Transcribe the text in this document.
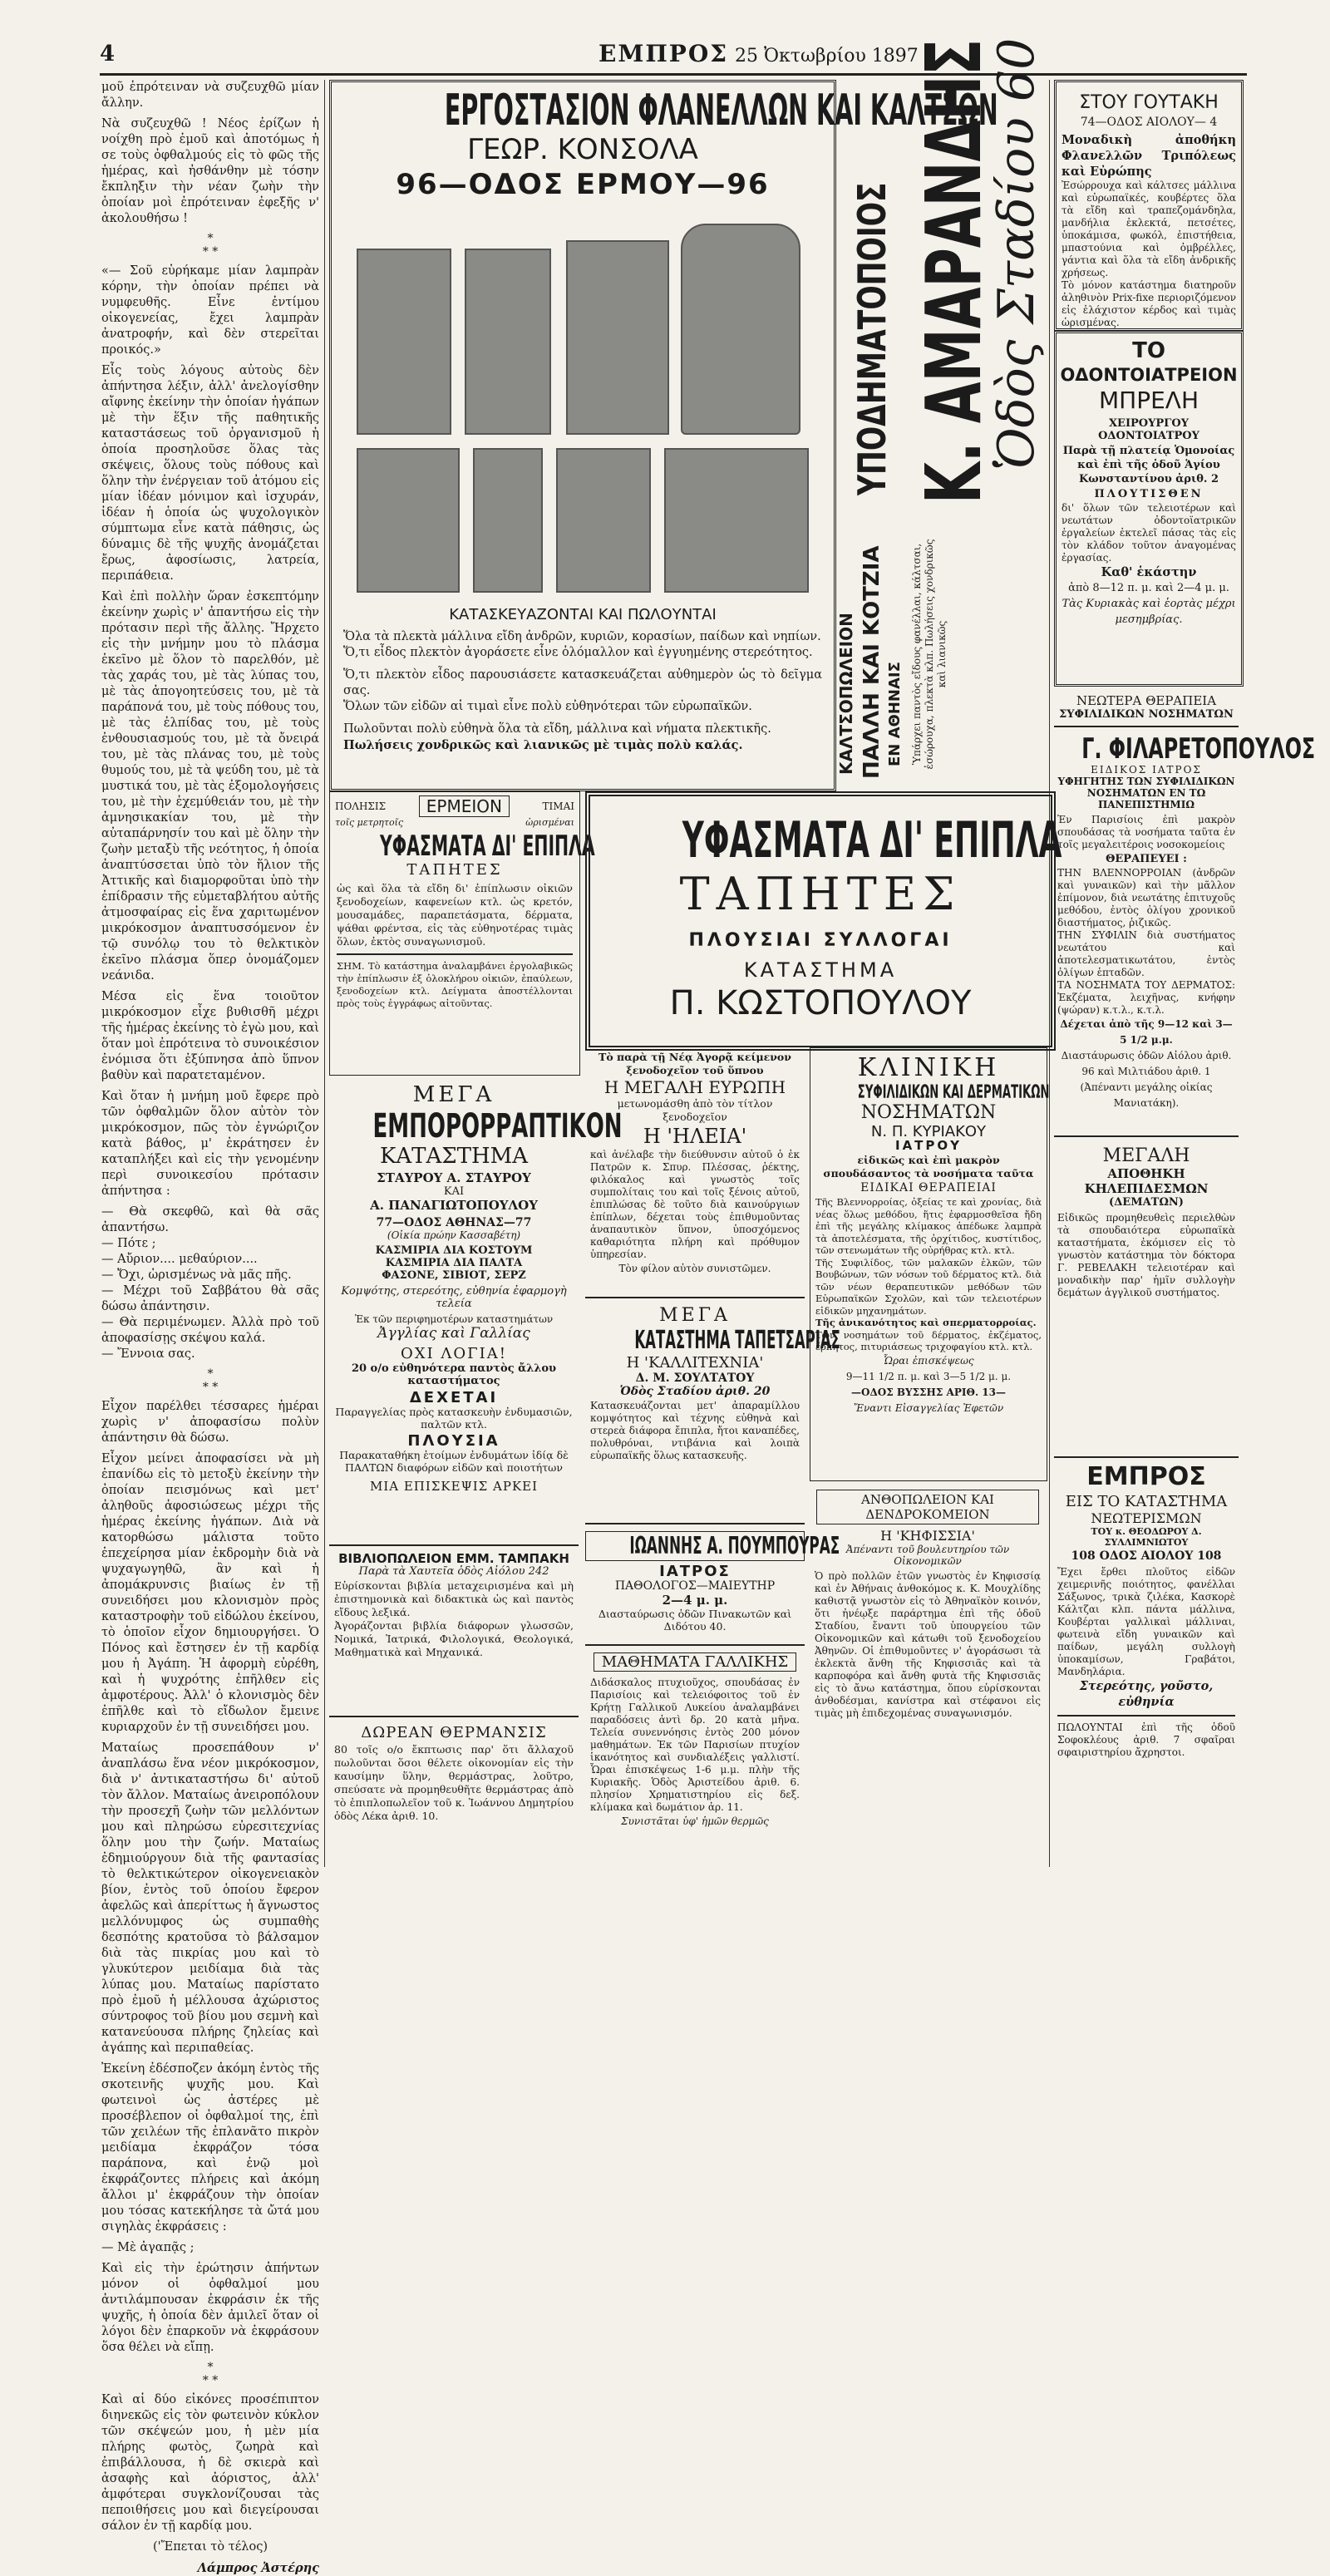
4	ΕΜΠΡΟΣ 25 Ὀκτωβρίου 1897

μοῦ ἐπρότειναν νὰ συζευχθῶ μίαν ἄλλην.

Νὰ συζευχθῶ ! Νέος ἐρίζων ἡ νοίχθη πρὸ ἐμοῦ καὶ ἀποτόμως ἡ σε τοὺς ὀφθαλμούς εἰς τὸ φῶς τῆς ἡμέρας, καὶ ἠσθάνθην μὲ τόσην ἔκπληξιν τὴν νέαν ζωὴν τὴν ὁποίαν μοὶ ἐπρότειναν ἐφεξῆς ν' ἀκολουθήσω !

*
* *

«— Σοῦ εὑρήκαμε μίαν λαμπρὰν κόρην, τὴν ὁποίαν πρέπει νὰ νυμφευθῆς. Εἶνε ἐντίμου οἰκογενείας, ἔχει λαμπρὰν ἀνατροφήν, καὶ δὲν στερεῖται προικός.»

Εἶς τοὺς λόγους αὐτοὺς δὲν ἀπήντησα λέξιν, ἀλλ' ἀνελογίσθην αἴφνης ἐκείνην τὴν ὁποίαν ἠγάπων μὲ τὴν ἕξιν τῆς παθητικῆς καταστάσεως τοῦ ὀργανισμοῦ ἡ ὁποία προσηλοῦσε ὅλας τὰς σκέψεις, ὅλους τοὺς πόθους καὶ ὅλην τὴν ἐνέργειαν τοῦ ἀτόμου εἰς μίαν ἰδέαν μόνιμον καὶ ἰσχυράν, ἰδέαν ἡ ὁποία ὡς ψυχολογικὸν σύμπτωμα εἶνε κατὰ πάθησις, ὡς δύναμις δὲ τῆς ψυχῆς ἀνομάζεται ἔρως, ἀφοσίωσις, λατρεία, περιπάθεια.

Καὶ ἐπὶ πολλὴν ὥραν ἐσκεπτόμην ἐκείνην χωρὶς ν' ἀπαντήσω εἰς τὴν πρότασιν περὶ τῆς ἄλλης. Ἤρχετο εἰς τὴν μνήμην μου τὸ πλάσμα ἐκεῖνο μὲ ὅλον τὸ παρελθόν, μὲ τὰς χαράς του, μὲ τὰς λύπας του, μὲ τὰς ἀπογοητεύσεις του, μὲ τὰ παράπονά του, μὲ τοὺς πόθους του, μὲ τὰς ἐλπίδας του, μὲ τοὺς ἐνθουσιασμούς του, μὲ τὰ ὄνειρά του, μὲ τὰς πλάνας του, μὲ τοὺς θυμούς του, μὲ τὰ ψεύδη του, μὲ τὰ μυστικά του, μὲ τὰς ἐξομολογήσεις του, μὲ τὴν ἐχεμύθειάν του, μὲ τὴν ἀμνησικακίαν του, μὲ τὴν αὐταπάρνησίν του καὶ μὲ ὅλην τὴν ζωὴν μεταξὺ τῆς νεότητος, ἡ ὁποία ἀναπτύσσεται ὑπὸ τὸν ἥλιον τῆς Ἀττικῆς καὶ διαμορφοῦται ὑπὸ τὴν ἐπίδρασιν τῆς εὐμεταβλήτου αὐτῆς ἀτμοσφαίρας εἰς ἕνα χαριτωμένον μικρόκοσμον ἀναπτυσσόμενον ἐν τῷ συνόλῳ του τὸ θελκτικὸν ἐκεῖνο πλάσμα ὅπερ ὀνομάζομεν νεάνιδα.

Μέσα εἰς ἕνα τοιοῦτον μικρόκοσμον εἶχε βυθισθῆ μέχρι τῆς ἡμέρας ἐκείνης τὸ ἐγὼ μου, καὶ ὅταν μοὶ ἐπρότεινα τὸ συνοικέσιον ἐνόμισα ὅτι ἐξύπνησα ἀπὸ ὕπνον βαθὺν καὶ παρατεταμένον.

Καὶ ὅταν ἡ μνήμη μοῦ ἔφερε πρὸ τῶν ὀφθαλμῶν ὅλον αὐτὸν τὸν μικρόκοσμον, πῶς τὸν ἐγνώριζον κατὰ βάθος, μ' ἐκράτησεν ἐν καταπλήξει καὶ εἰς τὴν γενομένην περὶ συνοικεσίου πρότασιν ἀπήντησα :

— Θὰ σκεφθῶ, καὶ θὰ σᾶς ἀπαντήσω.

— Πότε ;

— Αὔριον.... μεθαύριον....

— Ὄχι, ὡρισμένως νὰ μᾶς πῆς.

— Μέχρι τοῦ Σαββάτου θὰ σᾶς δώσω ἀπάντησιν.

— Θὰ περιμένωμεν. Ἀλλὰ πρὸ τοῦ ἀποφασίσῃς σκέψου καλά.

— Ἔννοια σας.

*
* *

Εἶχον παρέλθει τέσσαρες ἡμέραι χωρὶς ν' ἀποφασίσω πολὺν ἀπάντησιν θὰ δώσω.

Εἶχον μείνει ἀποφασίσει νὰ μὴ ἐπανίδω εἰς τὸ μετοξὺ ἐκείνην τὴν ὁποίαν πεισμόνως καὶ μετ' ἀληθοῦς ἀφοσιώσεως μέχρι τῆς ἡμέρας ἐκείνης ἠγάπων. Διὰ νὰ κατορθώσω μάλιστα τοῦτο ἐπεχείρησα μίαν ἐκδρομὴν διὰ νὰ ψυχαγωγηθῶ, ἂν καὶ ἡ ἀπομάκρυνσις βιαίως ἐν τῇ συνειδήσει μου κλονισμὸν πρὸς καταστροφὴν τοῦ εἰδώλου ἐκείνου, τὸ ὁποῖον εἶχον δημιουργήσει. Ὁ Πόνος καὶ ἔστησεν ἐν τῇ καρδίᾳ μου ἡ Ἀγάπη. Ἡ ἀφορμὴ εὑρέθη, καὶ ἡ ψυχρότης ἐπῆλθεν εἰς ἀμφοτέρους. Ἀλλ' ὁ κλονισμὸς δὲν ἐπῆλθε καὶ τὸ εἴδωλον ἔμεινε κυριαρχοῦν ἐν τῇ συνειδήσει μου.

Ματαίως προσεπάθουν ν' ἀναπλάσω ἕνα νέον μικρόκοσμον, διὰ ν' ἀντικαταστήσω δι' αὐτοῦ τὸν ἄλλον. Ματαίως ἀνειροπόλουν τὴν προσεχῆ ζωὴν τῶν μελλόντων μου καὶ πληρώσω εὐρεσιτεχνίας ὅλην μου τὴν ζωήν. Ματαίως ἐδημιούργουν διὰ τῆς φαντασίας τὸ θελκτικώτερον οἰκογενειακὸν βίον, ἐντὸς τοῦ ὁποίου ἔφερον ἀφελῶς καὶ ἀπερίττως ἡ ἄγνωστος μελλόνυμφος ὡς συμπαθὴς δεσπότης κρατοῦσα τὸ βάλσαμον διὰ τὰς πικρίας μου καὶ τὸ γλυκύτερον μειδίαμα διὰ τὰς λύπας μου. Ματαίως παρίστατο πρὸ ἐμοῦ ἡ μέλλουσα ἀχώριστος σύντροφος τοῦ βίου μου σεμνὴ καὶ κατανεύουσα πλήρης ζηλείας καὶ ἀγάπης καὶ περιπαθείας.

Ἐκείνη ἐδέσποζεν ἀκόμη ἐντὸς τῆς σκοτεινῆς ψυχῆς μου. Καὶ φωτεινοὶ ὡς ἀστέρες μὲ προσέβλεπον οἱ ὀφθαλμοί της, ἐπὶ τῶν χειλέων τῆς ἐπλανᾶτο πικρὸν μειδίαμα ἐκφράζον τόσα παράπονα, καὶ ἐνῷ μοὶ ἐκφράζοντες πλήρεις καὶ ἀκόμη ἄλλοι μ' ἐκφράζουν τὴν ὁποίαν μου τόσας κατεκήλησε τὰ ὤτά μου σιγηλὰς ἐκφράσεις :

— Μὲ ἀγαπᾷς ;

Καὶ εἰς τὴν ἐρώτησιν ἀπήντων μόνον οἱ ὀφθαλμοί μου ἀντιλάμπουσαν ἐκφράσιν ἐκ τῆς ψυχῆς, ἡ ὁποία δὲν ἀμιλεῖ ὅταν οἱ λόγοι δὲν ἐπαρκοῦν νὰ ἐκφράσουν ὅσα θέλει νὰ εἴπῃ.

*
* *

Καὶ αἱ δύο εἰκόνες προσέπιπτον διηνεκῶς εἰς τὸν φωτεινὸν κύκλον τῶν σκέψεών μου, ἡ μὲν μία πλήρης φωτὸς, ζωηρὰ καὶ ἐπιβάλλουσα, ἡ δὲ σκιερὰ καὶ ἀσαφὴς καὶ ἀόριστος, ἀλλ' ἀμφότεραι συγκλονίζουσαι τὰς πεποιθήσεις μου καὶ διεγείρουσαι σάλον ἐν τῇ καρδίᾳ μου.

('Ἔπεται τὸ τέλος)

Λάμπρος Ἀστέρης

ΕΡΓΟΣΤΑΣΙΟΝ ΦΛΑΝΕΛΛΩΝ ΚΑΙ ΚΑΛΤΣΩΝ
ΓΕΩΡ. ΚΟΝΣΟΛΑ
96—ΟΔΟΣ ΕΡΜΟΥ—96
ΚΑΤΑΣΚΕΥΑΖΟΝΤΑΙ ΚΑΙ ΠΩΛΟΥΝΤΑΙ

Ὅλα τὰ πλεκτὰ μάλλινα εἴδη ἀνδρῶν, κυριῶν, κορασίων, παίδων καὶ νηπίων.

Ὅ,τι εἶδος πλεκτὸν ἀγοράσετε εἶνε ὁλόμαλλον καὶ ἐγγυημένης στερεότητος.

Ὅ,τι πλεκτὸν εἶδος παρουσιάσετε κατασκευάζεται αὐθημερὸν ὡς τὸ δεῖγμα σας.

Ὅλων τῶν εἰδῶν αἱ τιμαὶ εἶνε πολὺ εὐθηνότεραι τῶν εὐρωπαϊκῶν.

Πωλοῦνται πολὺ εὐθηνὰ ὅλα τὰ εἴδη, μάλλινα καὶ νήματα πλεκτικῆς.

Πωλήσεις χονδρικῶς καὶ λιανικῶς μὲ τιμὰς πολὺ καλάς.

ΥΠΟΔΗΜΑΤΟΠΟΙΟΣ Κ. ΑΜΑΡΑΝΔΗΣ
Ὁδὸς Σταδίου 60
ΚΑΛΤΣΟΠΩΛΕΙΟΝ ΠΑΛΛΗ ΚΑΙ ΚΟΤΖΙΑ ΕΝ ΑΘΗΝΑΙΣ Ὑπάρχει παντὸς εἴδους φανέλλαι, κάλτσαι, ἐσώρουχα, πλεκτὰ κλπ. Πωλήσεις χονδρικῶς καὶ λιανικῶς
ΣΤΟΥ ΓΟΥΤΑΚΗ
74—ΟΔΟΣ ΑΙΟΛΟΥ— 4

Μοναδικὴ ἀποθήκη Φλανελλῶν Τριπόλεως καὶ Εὐρώπης

Ἐσώρρουχα καὶ κάλτσες μάλλινα καὶ εὐρωπαϊκές, κουβέρτες ὅλα τὰ εἴδη καὶ τραπεζομάνδηλα, μανδήλια ἐκλεκτά, πετσέτες, ὑποκάμισα, φωκόλ, ἐπιστήθεια, μπαστούνια καὶ ὀμβρέλλες, γάντια καὶ ὅλα τὰ εἴδη ἀνδρικῆς χρήσεως.

Τὸ μόνον κατάστημα διατηροῦν ἀληθινὸν Prix-fixe περιοριζόμενον εἰς ἐλάχιστον κέρδος καὶ τιμὰς ὡρισμένας.

ΤΟ
ΟΔΟΝΤΟΙΑΤΡΕΙΟΝ
ΜΠΡΕΛΗ
ΧΕΙΡΟΥΡΓΟΥ ΟΔΟΝΤΟΙΑΤΡΟΥ

Παρὰ τῇ πλατείᾳ Ὁμονοίας καὶ ἐπὶ τῆς ὁδοῦ Ἁγίου Κωνσταντίνου ἀριθ. 2

ΠΛΟΥΤΙΣΘΕΝ

δι' ὅλων τῶν τελειοτέρων καὶ νεωτάτων ὀδοντοϊατρικῶν ἐργαλείων ἐκτελεῖ πάσας τὰς εἰς τὸν κλάδον τοῦτον ἀναγομένας ἐργασίας.

Καθ' ἑκάστην

ἀπὸ 8—12 π. μ. καὶ 2—4 μ. μ.

Τὰς Κυριακὰς καὶ ἑορτὰς μέχρι μεσημβρίας.

ΝΕΩΤΕΡΑ ΘΕΡΑΠΕΙΑ
ΣΥΦΙΛΙΔΙΚΩΝ ΝΟΣΗΜΑΤΩΝ
Γ. ΦΙΛΑΡΕΤΟΠΟΥΛΟΣ
ΕΙΔΙΚΟΣ ΙΑΤΡΟΣ
ΥΦΗΓΗΤΗΣ ΤΩΝ ΣΥΦΙΛΙΔΙΚΩΝ ΝΟΣΗΜΑΤΩΝ ΕΝ ΤΩ ΠΑΝΕΠΙΣΤΗΜΙΩ

Ἐν Παρισίοις ἐπὶ μακρὸν σπουδάσας τὰ νοσήματα ταῦτα ἐν τοῖς μεγαλειτέροις νοσοκομείοις

ΘΕΡΑΠΕΥΕΙ :

ΤΗΝ ΒΛΕΝΝΟΡΡΟΙΑΝ (ἀνδρῶν καὶ γυναικῶν) καὶ τὴν μᾶλλον ἐπίμονον, διὰ νεωτάτης ἐπιτυχοῦς μεθόδου, ἐντὸς ὀλίγου χρονικοῦ διαστήματος, ῥιζικῶς.

ΤΗΝ ΣΥΦΙΛΙΝ διὰ συστήματος νεωτάτου καὶ ἀποτελεσματικωτάτου, ἐντὸς ὀλίγων ἑπταδῶν.

ΤΑ ΝΟΣΗΜΑΤΑ ΤΟΥ ΔΕΡΜΑΤΟΣ: Ἐκζέματα, λειχῆνας, κνήφην (ψώραν) κ.τ.λ., κ.τ.λ.

Δέχεται ἀπὸ τῆς 9—12 καὶ 3—5 1/2 μ.μ.

Διαστάυρωσις ὁδῶν Αἰόλου ἀριθ. 96 καὶ Μιλτιάδου ἀριθ. 1

(Ἀπέναντι μεγάλης οἰκίας Μανιατάκη).

ΜΕΓΑΛΗ
ΑΠΟΘΗΚΗ ΚΗΛΕΠΙΔΕΣΜΩΝ
(ΔΕΜΑΤΩΝ)

Εἰδικῶς προμηθευθεὶς περιελθὼν τὰ σπουδαιότερα εὐρωπαϊκὰ καταστήματα, ἐκόμισεν εἰς τὸ γνωστὸν κατάστημα τὸν δόκτορα Γ. ΡΕΒΕΛΑΚΗ τελειοτέραν καὶ μοναδικὴν παρ' ἡμῖν συλλογὴν δεμάτων ἀγγλικοῦ συστήματος.

ΕΜΠΡΟΣ
ΕΙΣ ΤΟ ΚΑΤΑΣΤΗΜΑ
ΝΕΩΤΕΡΙΣΜΩΝ
ΤΟΥ κ. ΘΕΟΔΩΡΟΥ Δ. ΣΥΛΛΙΜΝΙΩΤΟΥ
108 ΟΔΟΣ ΑΙΟΛΟΥ 108

Ἔχει ἔρθει πλοῦτος εἰδῶν χειμερινῆς ποιότητος, φανέλλαι Σάξωνος, τρικὰ ζιλέκα, Κασκορὲ Κάλτζαι κλπ. πάντα μάλλινα, Κουβέρται γαλλικαὶ μάλλιναι, φωτεινὰ εἴδη γυναικῶν καὶ παίδων, μεγάλη συλλογὴ ὑποκαμίσων, Γραβάτοι, Μανδηλάρια.

Στερεότης, γοῦστο, εὐθηνία

ΠΩΛΟΥΝΤΑΙ ἐπὶ τῆς ὁδοῦ Σοφοκλέους ἀριθ. 7 σφαῖραι σφαιριστηρίου ἄχρηστοι.

ΠΟΛΗΣΙΣ	ΕΡΜΕΙΟΝ	ΤΙΜΑΙ
τοῖς μετρητοῖς	ὡρισμέναι
ΥΦΑΣΜΑΤΑ ΔΙ' ΕΠΙΠΛΑ
ΤΑΠΗΤΕΣ

ὡς καὶ ὅλα τὰ εἴδη δι' ἐπίπλωσιν οἰκιῶν ξενοδοχείων, καφενείων κτλ. ὡς κρετόν, μουσαμάδες, παραπετάσματα, δέρματα, ψάθαι φρέντσα, εἰς τὰς εὐθηνοτέρας τιμὰς ὅλων, ἐκτὸς συναγωνισμοῦ.

ΣΗΜ. Τὸ κατάστημα ἀναλαμβάνει ἐργολαβικῶς τὴν ἐπίπλωσιν ἐξ ὁλοκλήρου οἰκιῶν, ἐπαύλεων, ξενοδοχείων κτλ. Δείγματα ἀποστέλλονται πρὸς τοὺς ἐγγράφως αἰτοῦντας.

ΥΦΑΣΜΑΤΑ ΔΙ' ΕΠΙΠΛΑ
ΤΑΠΗΤΕΣ
ΠΛΟΥΣΙΑΙ ΣΥΛΛΟΓΑΙ
ΚΑΤΑΣΤΗΜΑ
Π. ΚΩΣΤΟΠΟΥΛΟΥ
ΜΕΓΑ
ΕΜΠΟΡΟΡΡΑΠΤΙΚΟΝ
ΚΑΤΑΣΤΗΜΑ
ΣΤΑΥΡΟΥ Α. ΣΤΑΥΡΟΥ
ΚΑΙ
Α. ΠΑΝΑΓΙΩΤΟΠΟΥΛΟΥ
77—ΟΔΟΣ ΑΘΗΝΑΣ—77
(Οἰκία πρώην Κασσαβέτη)
ΚΑΣΜΙΡΙΑ ΔΙΑ ΚΟΣΤΟΥΜ
ΚΑΣΜΙΡΙΑ ΔΙΑ ΠΑΛΤΑ
ΦΑΣΟΝΕ, ΣΙΒΙΟΤ, ΣΕΡΖ
Κομψότης, στερεότης, εὐθηνία ἐφαρμογὴ τελεία
Ἐκ τῶν περιφημοτέρων καταστημάτων
Ἀγγλίας καὶ Γαλλίας
ΟΧΙ ΛΟΓΙΑ!
20 ο/ο εὐθηνότερα παντὸς ἄλλου καταστήματος
ΔΕΧΕΤΑΙ
Παραγγελίας πρὸς κατασκευὴν ἐνδυμασιῶν, παλτῶν κτλ.
ΠΛΟΥΣΙΑ
Παρακαταθήκη ἑτοίμων ἐνδυμάτων ἰδίᾳ δὲ ΠΑΛΤΩΝ διαφόρων εἰδῶν καὶ ποιοτήτων
ΜΙΑ ΕΠΙΣΚΕΨΙΣ ΑΡΚΕΙ
ΒΙΒΛΙΟΠΩΛΕΙΟΝ ΕΜΜ. ΤΑΜΠΑΚΗ
Παρὰ τὰ Χαυτεῖα ὁδὸς Αἰόλου 242

Εὑρίσκονται βιβλία μεταχειρισμένα καὶ μὴ ἐπιστημονικὰ καὶ διδακτικὰ ὡς καὶ παντὸς εἴδους λεξικά.

Ἀγοράζονται βιβλία διάφορων γλωσσῶν, Νομικά, Ἰατρικά, Φιλολογικά, Θεολογικά, Μαθηματικὰ καὶ Μηχανικά.

ΔΩΡΕΑΝ ΘΕΡΜΑΝΣΙΣ

80 τοῖς ο/ο ἔκπτωσις παρ' ὅτι ἄλλαχοῦ πωλοῦνται ὅσοι θέλετε οἰκονομίαν εἰς τὴν καυσίμην ὕλην, θερμάστρας, λοῦτρο, σπεύσατε νὰ προμηθευθῆτε θερμάστρας ἀπὸ τὸ ἐπιπλοπωλεῖον τοῦ κ. Ἰωάννου Δημητρίου ὁδὸς Λέκα ἀριθ. 10.

Τὸ παρὰ τῇ Νέᾳ Ἀγορᾷ κείμενον ξενοδοχεῖον τοῦ ὕπνου

Η ΜΕΓΑΛΗ ΕΥΡΩΠΗ

μετωνομάσθη ἀπὸ τὸν τίτλον ξενοδοχεῖον

Η 'ΗΛΕΙΑ'

καὶ ἀνέλαβε τὴν διεύθυνσιν αὐτοῦ ὁ ἐκ Πατρῶν κ. Σπυρ. Πλέσσας, ῥέκτης, φιλόκαλος καὶ γνωστὸς τοῖς συμπολίταις του καὶ τοῖς ξένοις αὐτοῦ, ἐπιπλώσας δὲ τοῦτο διὰ καινούργιων ἐπίπλων, δέχεται τοὺς ἐπιθυμοῦντας ἀναπαυτικὸν ὕπνον, ὑποσχόμενος καθαριότητα πλήρη καὶ πρόθυμον ὑπηρεσίαν.

Τὸν φίλον αὐτὸν συνιστῶμεν.

ΜΕΓΑ
ΚΑΤΑΣΤΗΜΑ ΤΑΠΕΤΣΑΡΙΑΣ
Η 'ΚΑΛΛΙΤΕΧΝΙΑ'
Δ. Μ. ΣΟΥΛΤΑΤΟΥ
Ὁδὸς Σταδίου ἀριθ. 20

Κατασκευάζονται μετ' ἀπαραμίλλου κομψότητος καὶ τέχνης εὐθηνὰ καὶ στερεὰ διάφορα ἔπιπλα, ἤτοι καναπέδες, πολυθρόναι, ντιβάνια καὶ λοιπὰ εὐρωπαϊκῆς ὅλως κατασκευῆς.

ΙΩΑΝΝΗΣ Α. ΠΟΥΜΠΟΥΡΑΣ
ΙΑΤΡΟΣ
ΠΑΘΟΛΟΓΟΣ—ΜΑΙΕΥΤΗΡ
2—4 μ. μ.
Διασταύρωσις ὁδῶν Πινακωτῶν καὶ Διδότου 40.
ΜΑΘΗΜΑΤΑ ΓΑΛΛΙΚΗΣ

Διδάσκαλος πτυχιοῦχος, σπουδάσας ἐν Παρισίοις καὶ τελειόφοιτος τοῦ ἐν Κρήτῃ Γαλλικοῦ Λυκείου ἀναλαμβάνει παραδόσεις ἀντὶ δρ. 20 κατὰ μῆνα. Τελεία συνεννόησις ἐντὸς 200 μόνον μαθημάτων. Ἐκ τῶν Παρισίων πτυχίον ἱκανότητος καὶ συνδιαλέξεις γαλλιστί. Ὧραι ἐπισκέψεως 1-6 μ.μ. πλὴν τῆς Κυριακῆς. Ὁδὸς Ἀριστείδου ἀριθ. 6. πλησίον Χρηματιστηρίου εἰς δεξ. κλίμακα καὶ δωμάτιον ἀρ. 11.

Συνιστᾶται ὑφ' ἡμῶν θερμῶς

ΚΛΙΝΙΚΗ
ΣΥΦΙΛΙΔΙΚΩΝ ΚΑΙ ΔΕΡΜΑΤΙΚΩΝ
ΝΟΣΗΜΑΤΩΝ
Ν. Π. ΚΥΡΙΑΚΟΥ
ΙΑΤΡΟΥ

εἰδικῶς καὶ ἐπὶ μακρὸν σπουδάσαντος τὰ νοσήματα ταῦτα

ΕΙΔΙΚΑΙ ΘΕΡΑΠΕΙΑΙ

Τῆς Βλεννορροίας, ὀξείας τε καὶ χρονίας, διὰ νέας ὅλως μεθόδου, ἥτις ἐφαρμοσθεῖσα ἤδη ἐπὶ τῆς μεγάλης κλίμακος ἀπέδωκε λαμπρὰ τὰ ἀποτελέσματα, τῆς ὀρχίτιδος, κυστίτιδος, τῶν στενωμάτων τῆς οὐρήθρας κτλ. κτλ.

Τῆς Συφιλίδος, τῶν μαλακῶν ἑλκῶν, τῶν Βουβώνων, τῶν νόσων τοῦ δέρματος κτλ. διὰ τῶν νέων θεραπευτικῶν μεθόδων τῶν Εὐρωπαϊκῶν Σχολῶν, καὶ τῶν τελειοτέρων εἰδικῶν μηχανημάτων.

Τῆς ἀνικανότητος καὶ σπερματορροίας.

Τῶν νοσημάτων τοῦ δέρματος, ἐκζέματος, ἕρπητος, πιτυριάσεως τριχοφαγίου κτλ. κτλ.

Ὧραι ἐπισκέψεως

9—11 1/2 π. μ. καὶ 3—5 1/2 μ. μ.

—ΟΔΟΣ ΒΥΣΣΗΣ ΑΡΙΘ. 13—

Ἔναντι Εἰσαγγελίας Ἐφετῶν

ΑΝΘΟΠΩΛΕΙΟΝ ΚΑΙ ΔΕΝΔΡΟΚΟΜΕΙΟΝ
Η 'ΚΗΦΙΣΣΙΑ'
Ἀπέναντι τοῦ βουλευτηρίου τῶν Οἰκονομικῶν

Ὁ πρὸ πολλῶν ἐτῶν γνωστὸς ἐν Κηφισσίᾳ καὶ ἐν Ἀθήναις ἀνθοκόμος κ. Κ. Μουχλίδης καθιστᾷ γνωστὸν εἰς τὸ Ἀθηναϊκὸν κοινόν, ὅτι ἠνέῳξε παράρτημα ἐπὶ τῆς ὁδοῦ Σταδίου, ἔναντι τοῦ ὑπουργείου τῶν Οἰκονομικῶν καὶ κάτωθι τοῦ ξενοδοχείου Ἀθηνῶν. Οἱ ἐπιθυμοῦντες ν' ἀγοράσωσι τὰ ἐκλεκτὰ ἄνθη τῆς Κηφισσιᾶς καὶ τὰ καρποφόρα καὶ ἄνθη φυτὰ τῆς Κηφισσιᾶς εἰς τὸ ἄνω κατάστημα, ὅπου εὑρίσκονται ἀνθοδέσμαι, κανίστρα καὶ στέφανοι εἰς τιμὰς μὴ ἐπιδεχομένας συναγωνισμόν.
